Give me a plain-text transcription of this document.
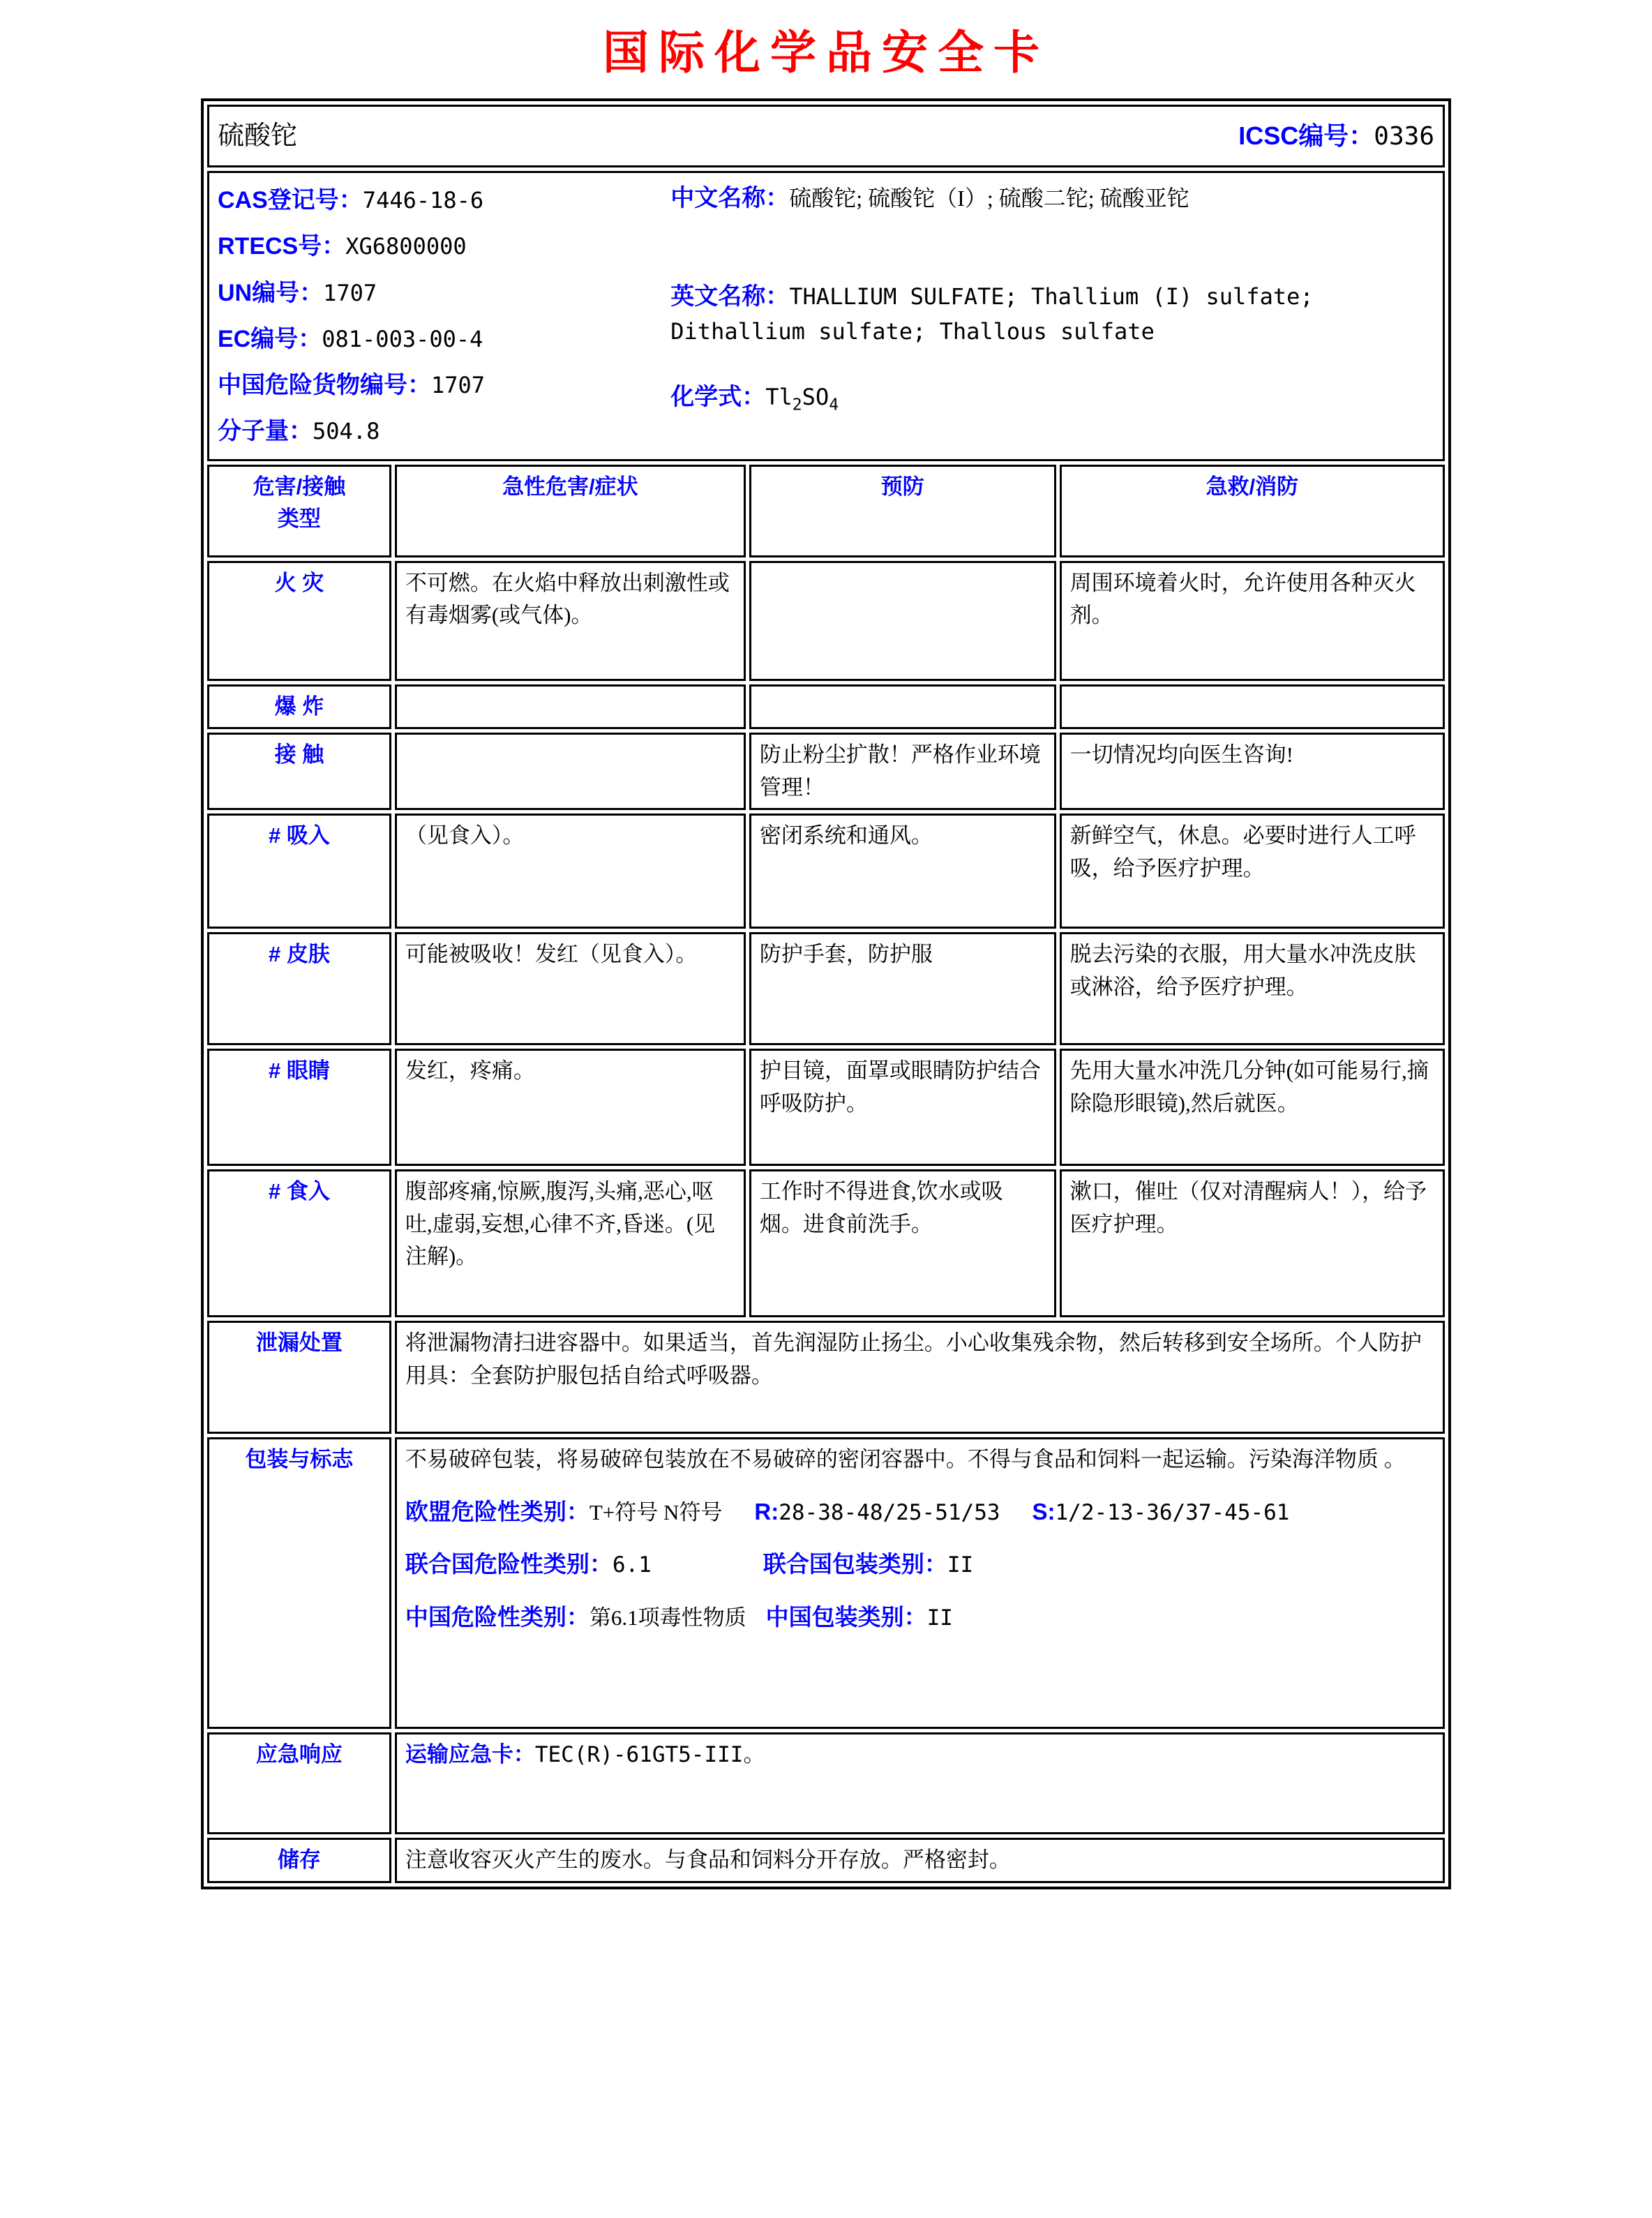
国际化学品安全卡
硫酸铊 ICSC编号：0336			

CAS登记号：7446-18-6
RTECS号：XG6800000
UN编号：1707
EC编号：081-003-00-4
中国危险货物编号：1707
分子量：504.8
中文名称：硫酸铊; 硫酸铊（I）; 硫酸二铊; 硫酸亚铊
英文名称：THALLIUM SULFATE; Thallium (I) sulfate; Dithallium sulfate; Thallous sulfate
化学式：$Tl_2SO_4$

危害/接触
类型	急性危害/症状	预防	急救/消防
火 灾	不可燃。在火焰中释放出刺激性或有毒烟雾(或气体)。		周围环境着火时，允许使用各种灭火剂。
爆 炸			
接 触		防止粉尘扩散！严格作业环境管理！	一切情况均向医生咨询!
# 吸入	（见食入）。	密闭系统和通风。	新鲜空气，休息。必要时进行人工呼吸，给予医疗护理。
# 皮肤	可能被吸收！发红（见食入）。	防护手套，防护服	脱去污染的衣服，用大量水冲洗皮肤或淋浴，给予医疗护理。
# 眼睛	发红，疼痛。	护目镜，面罩或眼睛防护结合呼吸防护。	先用大量水冲洗几分钟(如可能易行,摘除隐形眼镜),然后就医。
# 食入	腹部疼痛,惊厥,腹泻,头痛,恶心,呕吐,虚弱,妄想,心律不齐,昏迷。(见注解)。	工作时不得进食,饮水或吸烟。进食前洗手。	漱口，催吐（仅对清醒病人！），给予医疗护理。
泄漏处置	将泄漏物清扫进容器中。如果适当，首先润湿防止扬尘。小心收集残余物，然后转移到安全场所。个人防护用具：全套防护服包括自给式呼吸器。		
包装与标志	不易破碎包装，将易破碎包装放在不易破碎的密闭容器中。不得与食品和饲料一起运输。污染海洋物质 。

欧盟危险性类别：T+符号 N符号 R:28-38-48/25-51/53 S:1/2-13-36/37-45-61

联合国危险性类别：6.1 联合国包装类别：II

中国危险性类别：第6.1项毒性物质 中国包装类别：II		

应急响应	运输应急卡：TEC(R)-61GT5-III。		
储存	注意收容灭火产生的废水。与食品和饲料分开存放。严格密封。		
